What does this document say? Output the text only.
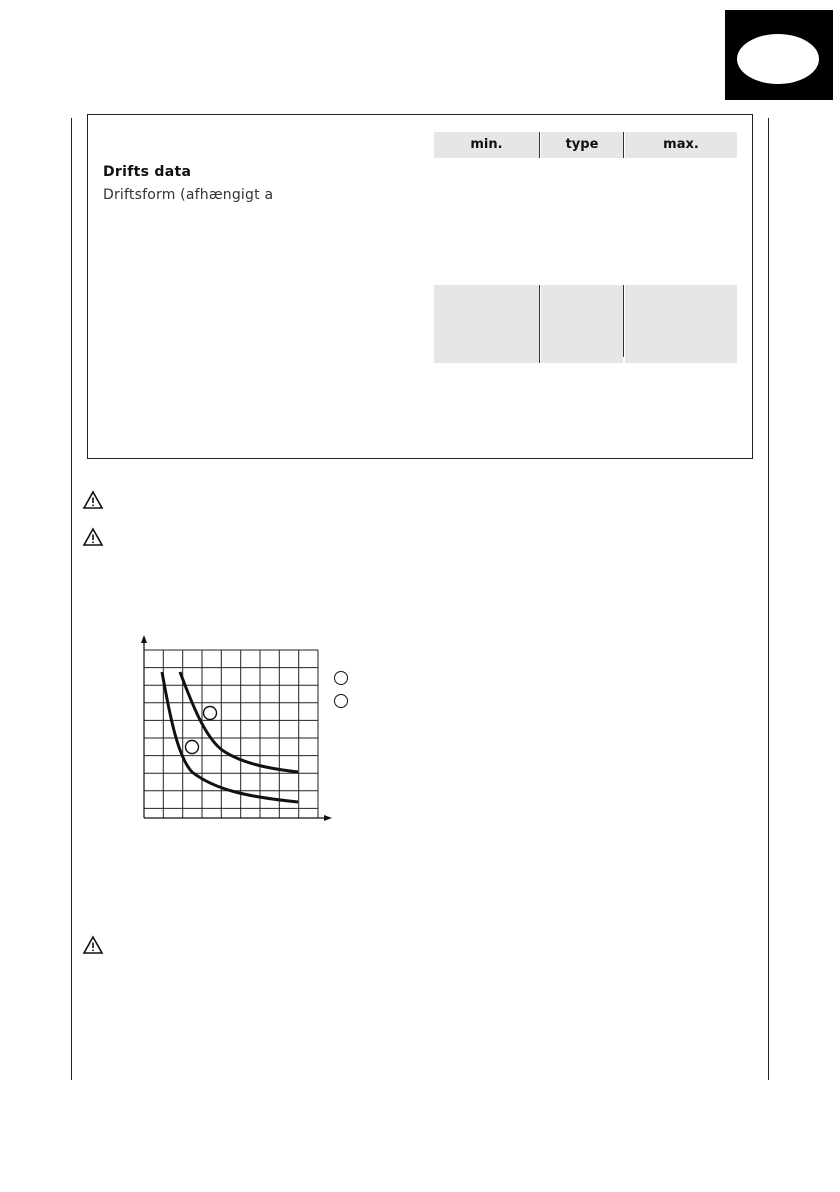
Drifts data
Driftsform (afhængigt a
min.	type	max.
